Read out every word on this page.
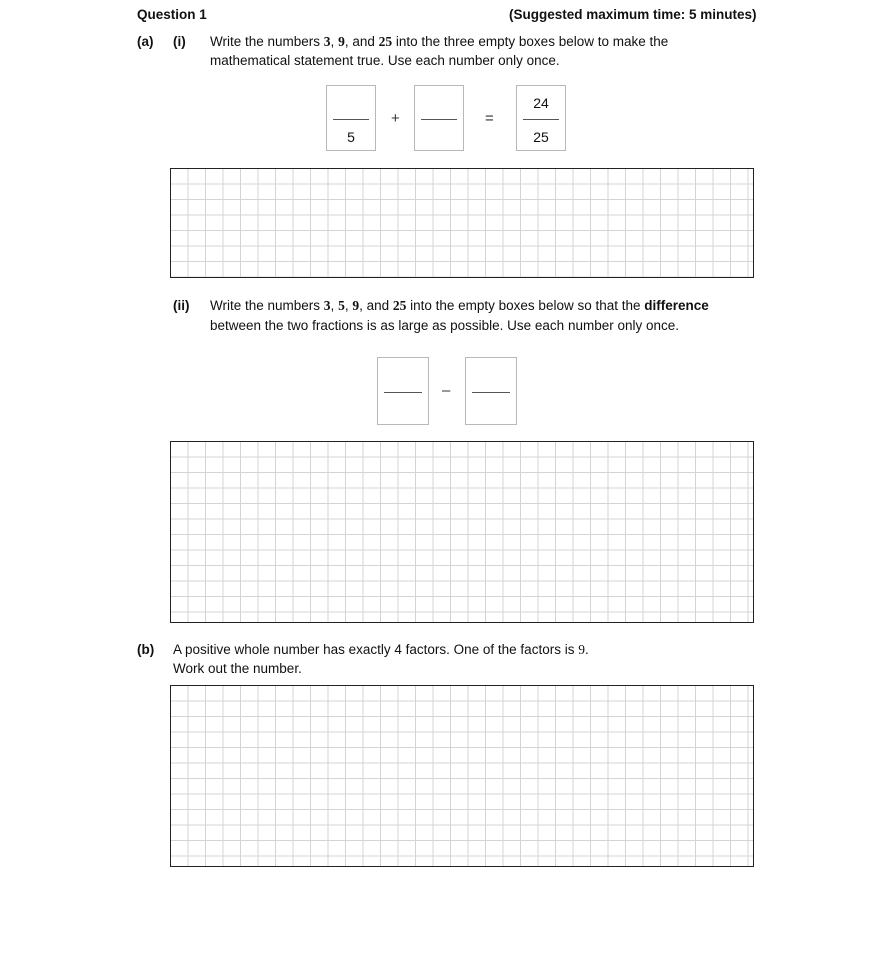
Question 1	(Suggested maximum time: 5 minutes)
(a) (i) Write the numbers 3, 9, and 25 into the three empty boxes below to make the
mathematical statement true. Use each number only once.
5
+	=
24
25
(ii) Write the numbers 3, 5, 9, and 25 into the empty boxes below so that the difference
between the two fractions is as large as possible. Use each number only once.
–
(b) A positive whole number has exactly 4 factors. One of the factors is 9.
Work out the number.
